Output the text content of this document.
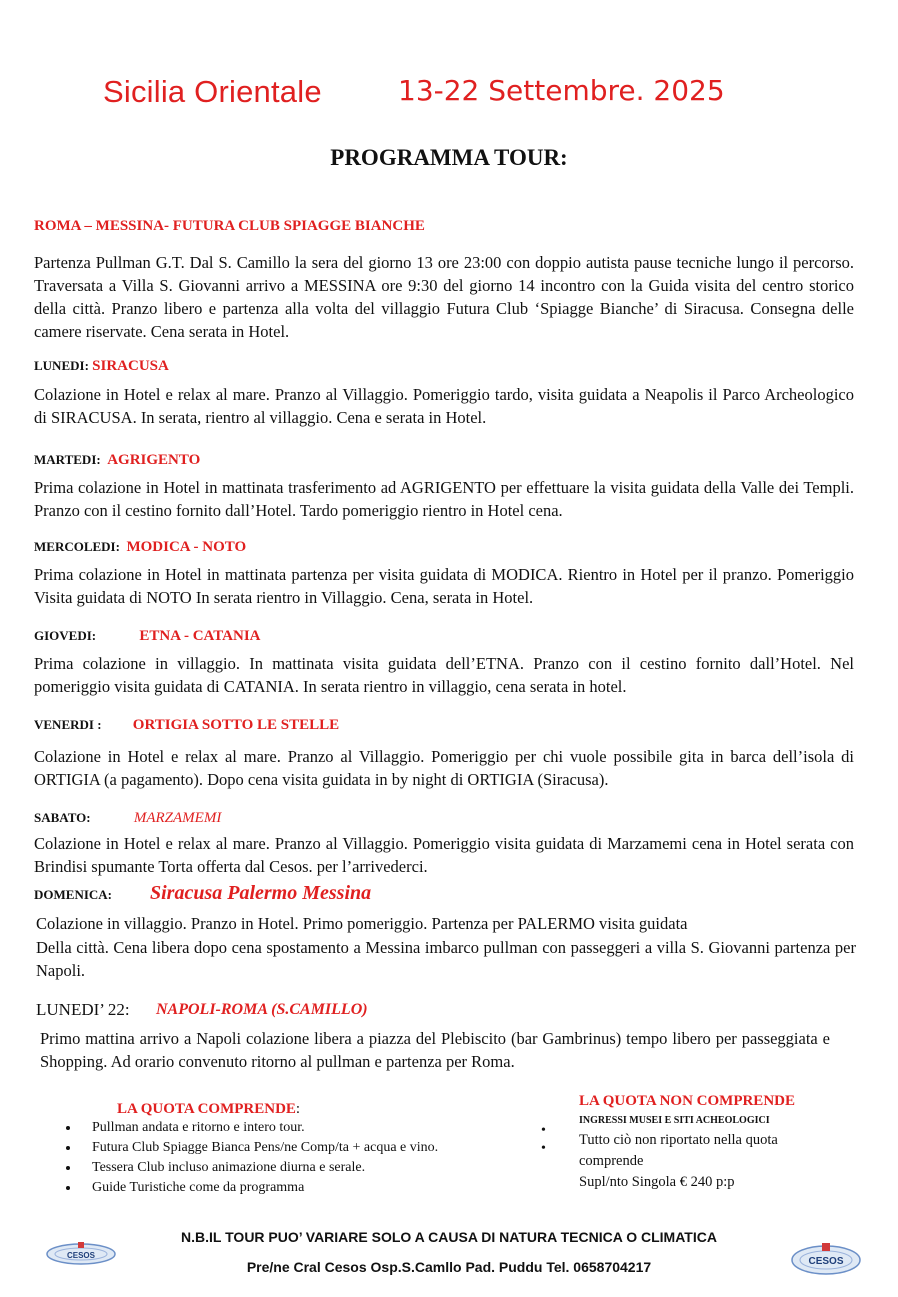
Sicilia Orientale	13-22 Settembre. 2025
PROGRAMMA TOUR:
ROMA – MESSINA- FUTURA CLUB SPIAGGE BIANCHE

Partenza Pullman G.T. Dal S. Camillo la sera del giorno 13 ore 23:00 con doppio autista pause tecniche lungo il percorso. Traversata a Villa S. Giovanni arrivo a MESSINA ore 9:30 del giorno 14 incontro con la Guida visita del centro storico della città. Pranzo libero e partenza alla volta del villaggio Futura Club ‘Spiagge Bianche’ di Siracusa. Consegna delle camere riservate. Cena serata in Hotel.

LUNEDI: SIRACUSA

Colazione in Hotel e relax al mare. Pranzo al Villaggio. Pomeriggio tardo, visita guidata a Neapolis il Parco Archeologico di SIRACUSA. In serata, rientro al villaggio. Cena e serata in Hotel.

MARTEDI: AGRIGENTO

Prima colazione in Hotel in mattinata trasferimento ad AGRIGENTO per effettuare la visita guidata della Valle dei Templi. Pranzo con il cestino fornito dall’Hotel. Tardo pomeriggio rientro in Hotel cena.

MERCOLEDI: MODICA - NOTO

Prima colazione in Hotel in mattinata partenza per visita guidata di MODICA. Rientro in Hotel per il pranzo. Pomeriggio Visita guidata di NOTO In serata rientro in Villaggio. Cena, serata in Hotel.

GIOVEDI:	ETNA - CATANIA

Prima colazione in villaggio. In mattinata visita guidata dell’ETNA. Pranzo con il cestino fornito dall’Hotel. Nel pomeriggio visita guidata di CATANIA. In serata rientro in villaggio, cena serata in hotel.

VENERDI : ORTIGIA SOTTO LE STELLE

Colazione in Hotel e relax al mare. Pranzo al Villaggio. Pomeriggio per chi vuole possibile gita in barca dell’isola di ORTIGIA (a pagamento). Dopo cena visita guidata in by night di ORTIGIA (Siracusa).

SABATO:	MARZAMEMI

Colazione in Hotel e relax al mare. Pranzo al Villaggio. Pomeriggio visita guidata di Marzamemi cena in Hotel serata con Brindisi spumante Torta offerta dal Cesos. per l’arrivederci.

DOMENICA: Siracusa Palermo Messina

Colazione in villaggio. Pranzo in Hotel. Primo pomeriggio. Partenza per PALERMO visita guidata

Della città. Cena libera dopo cena spostamento a Messina imbarco pullman con passeggeri a villa S. Giovanni partenza per Napoli.

LUNEDI’ 22: NAPOLI-ROMA (S.CAMILLO)

Primo mattina arrivo a Napoli colazione libera a piazza del Plebiscito (bar Gambrinus) tempo libero per passeggiata e Shopping. Ad orario convenuto ritorno al pullman e partenza per Roma.

LA QUOTA COMPRENDE:
• Pullman andata e ritorno e intero tour.
• Futura Club Spiagge Bianca Pens/ne Comp/ta + acqua e vino.
• Tessera Club incluso animazione diurna e serale.
• Guide Turistiche come da programma
LA QUOTA NON COMPRENDE
INGRESSI MUSEI E SITI ACHEOLOGICI
•
•
Tutto ciò non riportato nella quota comprende
Supl/nto Singola € 240 p:p
N.B.IL TOUR PUO’ VARIARE SOLO A CAUSA DI NATURA TECNICA O CLIMATICA
Pre/ne Cral Cesos Osp.S.Camllo Pad. Puddu Tel. 0658704217
CESOS
CESOS
